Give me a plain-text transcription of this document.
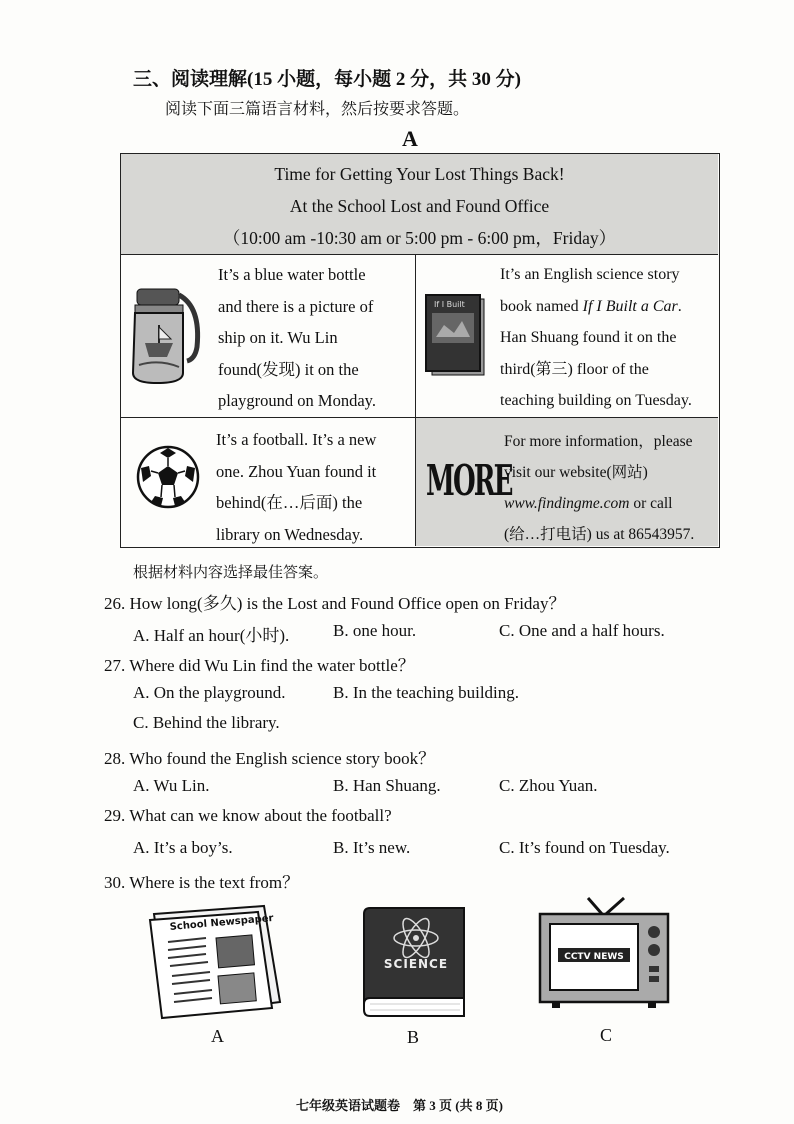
三、阅读理解(15 小题，每小题 2 分，共 30 分)
阅读下面三篇语言材料，然后按要求答题。
A
Time for Getting Your Lost Things Back!
At the School Lost and Found Office
（10:00 am -10:30 am or 5:00 pm - 6:00 pm，Friday）
It’s a blue water bottle
and there is a picture of
ship on it. Wu Lin
found(发现) it on the
playground on Monday.
If I Built
It’s an English science story
book named If I Built a Car.
Han Shuang found it on the
third(第三) floor of the
teaching building on Tuesday.
It’s a football. It’s a new
one. Zhou Yuan found it
behind(在…后面) the
library on Wednesday.
MORE
For more information，please
visit our website(网站)
www.findingme.com or call
(给…打电话) us at 86543957.
根据材料内容选择最佳答案。
26. How long(多久) is the Lost and Found Office open on Friday？
A. Half an hour(小时).	B. one hour.	C. One and a half hours.
27. Where did Wu Lin find the water bottle？
A. On the playground.	B. In the teaching building.
C. Behind the library.
28. Who found the English science story book？
A. Wu Lin.	B. Han Shuang.	C. Zhou Yuan.
29. What can we know about the football?
A. It’s a boy’s.	B. It’s new.	C. It’s found on Tuesday.
30. Where is the text from？
School Newspaper
A
SCIENCE
B
CCTV NEWS
C
七年级英语试题卷　第 3 页 (共 8 页)
